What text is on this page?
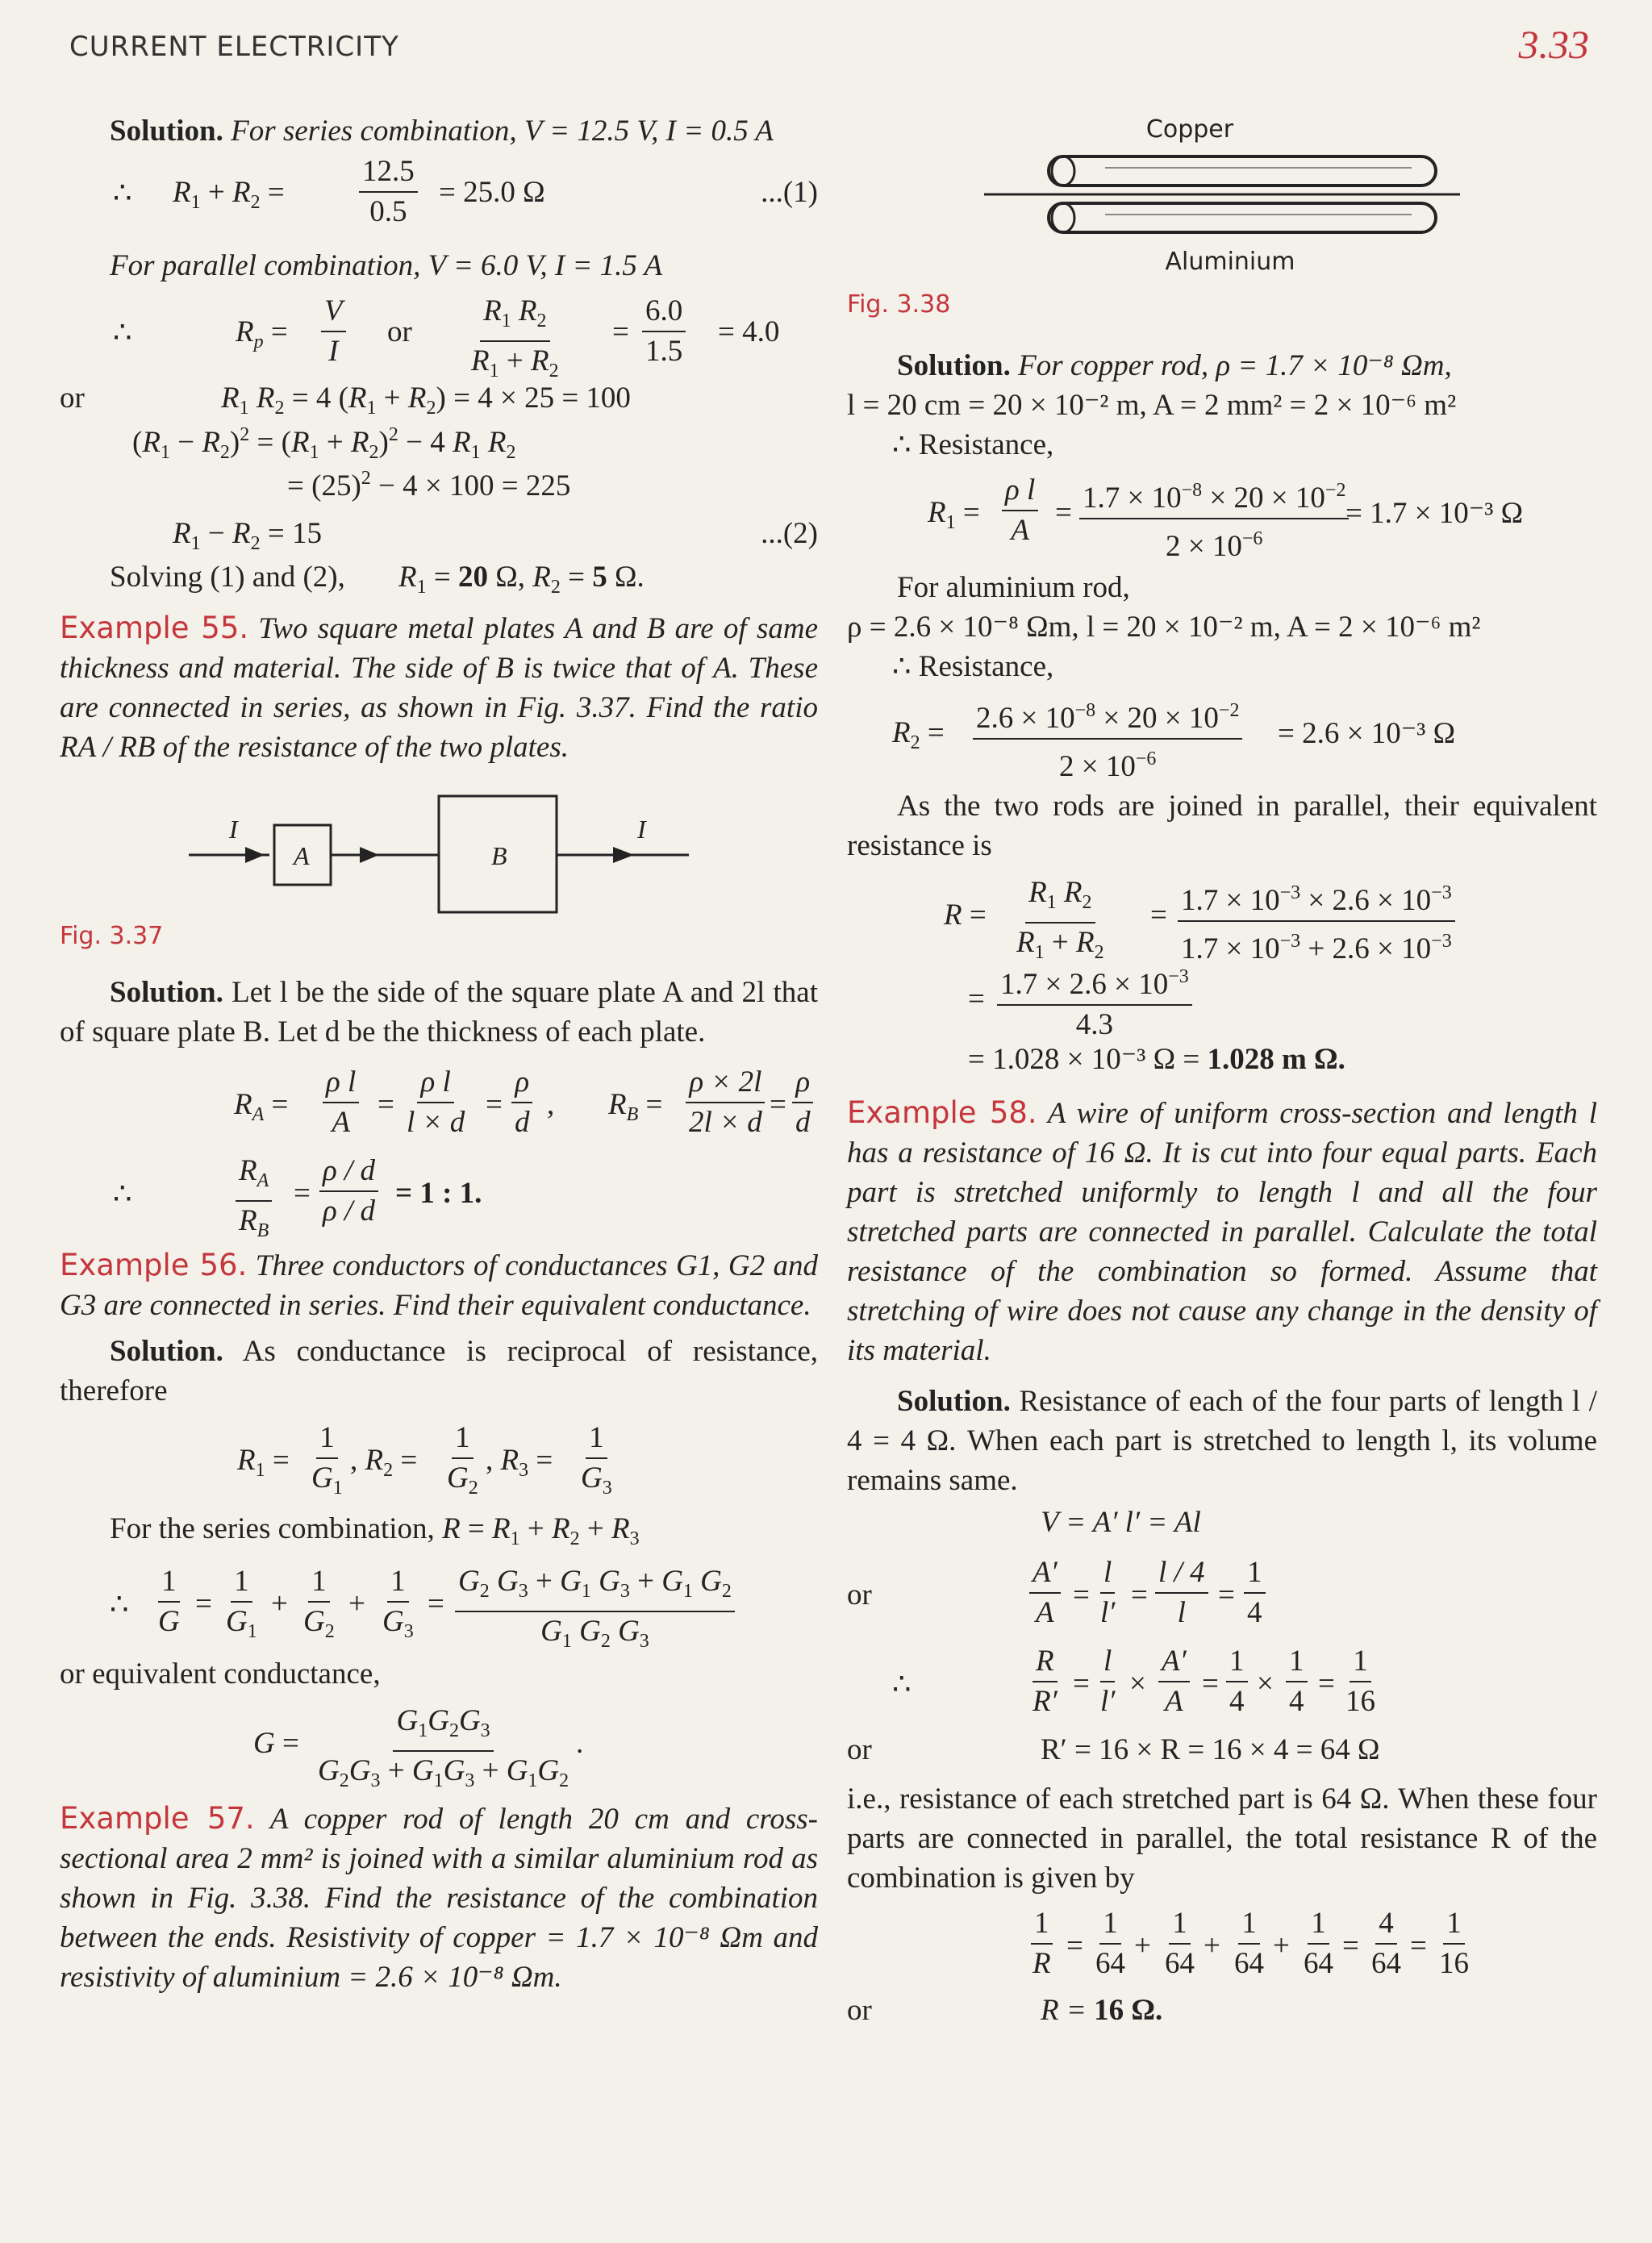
CURRENT ELECTRICITY	3.33

Solution. For series combination, V = 12.5 V, I = 0.5 A

∴ $R_1 + R_2 = \frac{12.5}{0.5} = 25.0$ Ω	...(1)

For parallel combination, V = 6.0 V, I = 1.5 A

∴	$R_p = \frac{V}{I}$ or $\frac{R_1 R_2}{R_1 + R_2} = \frac{6.0}{1.5} = 4.0$
or	$R_1$ $R_2 = 4$ $(R_1 + R_2) = 4 \times 25 = 100$
$(R_1 - R_2)^2 = (R_1 + R_2)^2 - 4$ $R_1$ $R_2$
= $(25)^2 - 4 \times 100 = 225$
$R_1 - R_2 = 15$	...(2)
Solving (1) and (2), $R_1 = 20$ Ω, $R_2 = 5$ Ω.

Example 55. Two square metal plates A and B are of same thickness and material. The side of B is twice that of A. These are connected in series, as shown in Fig. 3.37. Find the ratio RA / RB of the resistance of the two plates.

I
A	B
I
Fig. 3.37

Solution. Let l be the side of the square plate A and 2l that of square plate B. Let d be the thickness of each plate.

$R_A = \frac{\text{ρ l}}{A} = \frac{\text{ρ l}}{l \times d} = \frac{\rho}{d}$ , $R_B = \frac{\rho \times 2l}{2l \times d} = \frac{\rho}{d}$
∴	$\frac{R_A}{R_B} = \frac{\rho / d}{\rho / d} = 1$ : 1.

Example 56. Three conductors of conductances G1, G2 and G3 are connected in series. Find their equivalent conductance.

Solution. As conductance is reciprocal of resistance, therefore

$R_1 = \frac{1}{G_1}$ , $R_2 = \frac{1}{G_2}$ , $R_3 = \frac{1}{G_3}$

For the series combination, $R = R_1 + R_2 + R_3$

∴ $\frac{1}{G} = \frac{1}{G_1} + \frac{1}{G_2} + \frac{1}{G_3} = \frac{G_2 G_3 + G_1 G_3 + G_1 G_2}{G_1 G_2 G_3}$

or equivalent conductance,

$G = \frac{G_1G_2G_3}{G_2G_3 + G_1G_3 + G_1G_2}$ .

Example 57. A copper rod of length 20 cm and cross-sectional area 2 mm² is joined with a similar aluminium rod as shown in Fig. 3.38. Find the resistance of the combination between the ends. Resistivity of copper = 1.7 × 10⁻⁸ Ωm and resistivity of aluminium = 2.6 × 10⁻⁸ Ωm.

Copper
Aluminium
Fig. 3.38

Solution. For copper rod, ρ = 1.7 × 10⁻⁸ Ωm,

l = 20 cm = 20 × 10⁻² m, A = 2 mm² = 2 × 10⁻⁶ m²

∴ Resistance,

$R_1 = \frac{\text{ρ l}}{A} = \frac{1.7 \times 10^{-8} \times 20 \times 10^{-2}}{2 \times 10^{-6}}$
= 1.7 × 10⁻³ Ω

For aluminium rod,

ρ = 2.6 × 10⁻⁸ Ωm, l = 20 × 10⁻² m, A = 2 × 10⁻⁶ m²

∴ Resistance,

$R_2 = \frac{2.6 \times 10^{-8} \times 20 \times 10^{-2}}{2 \times 10^{-6}} = 2.6 \times 10^{-3}$ Ω

As the two rods are joined in parallel, their equivalent resistance is

$R = \frac{R_1 R_2}{R_1 + R_2} = \frac{1.7 \times 10^{-3} \times 2.6 \times 10^{-3}}{1.7 \times 10^{-3} + 2.6 \times 10^{-3}}$
= $\frac{1.7 \times 2.6 \times 10^{-3}}{4.3}$
= 1.028 × 10⁻³ Ω = 1.028 m Ω.

Example 58. A wire of uniform cross-section and length l has a resistance of 16 Ω. It is cut into four equal parts. Each part is stretched uniformly to length l and all the four stretched parts are connected in parallel. Calculate the total resistance of the combination so formed. Assume that stretching of wire does not cause any change in the density of its material.

Solution. Resistance of each of the four parts of length l / 4 = 4 Ω. When each part is stretched to length l, its volume remains same.

V = A′ l′ = Al
or	$\frac{A'}{A} = \frac{l}{l'} = \frac{l / 4}{l} = \frac{1}{4}$
∴	$\frac{R}{R'} = \frac{l}{l'} \times \frac{A'}{A} = \frac{1}{4} \times \frac{1}{4} = \frac{1}{16}$
or	R′ = 16 × R = 16 × 4 = 64 Ω

i.e., resistance of each stretched part is 64 Ω. When these four parts are connected in parallel, the total resistance R of the combination is given by

$\frac{1}{R} = \frac{1}{64} + \frac{1}{64} + \frac{1}{64} + \frac{1}{64} = \frac{4}{64} = \frac{1}{16}$
or	R = 16 Ω.
